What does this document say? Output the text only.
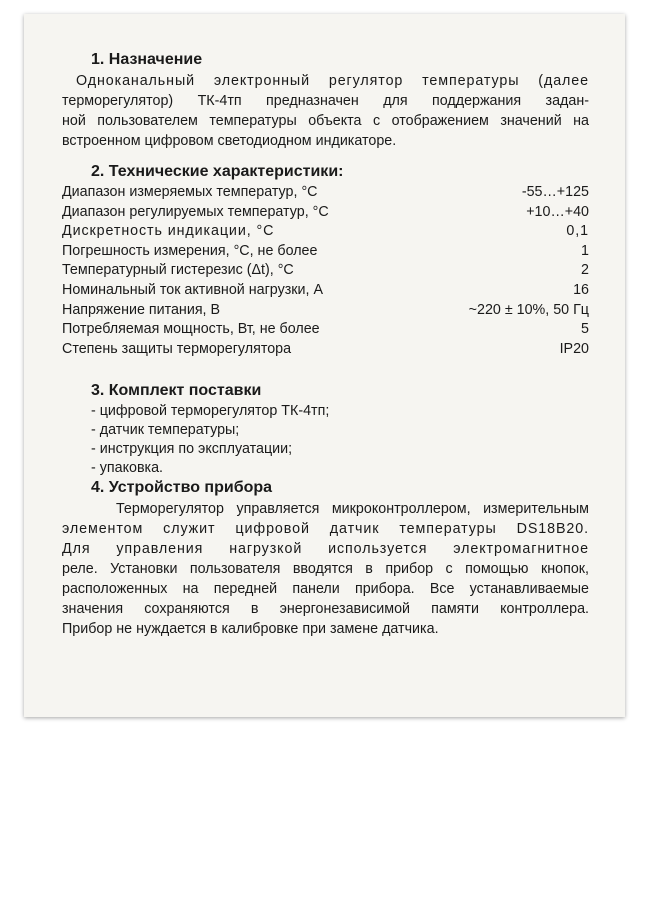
1. Назначение

Одноканальный электронный регулятор температуры (далее
терморегулятор) ТК-4тп предназначен для поддержания задан-
ной пользователем температуры объекта с отображением значений на
встроенном цифровом светодиодном индикаторе.

2. Технические характеристики:
Диапазон измеряемых температур, °С	-55…+125
Диапазон регулируемых температур, °С	+10…+40
Дискретность индикации, °С	0,1
Погрешность измерения, °С, не более	1
Температурный гистерезис (Δt), °С	2
Номинальный ток активной нагрузки, А	16
Напряжение питания, В	~220 ± 10%, 50 Гц
Потребляемая мощность, Вт, не более	5
Степень защиты терморегулятора	IP20
3. Комплект поставки
- цифровой терморегулятор ТК-4тп;
- датчик температуры;
- инструкция по эксплуатации;
- упаковка.
4. Устройство прибора

Терморегулятор управляется микроконтроллером, измерительным
элементом служит цифровой датчик температуры DS18B20.
Для управления нагрузкой используется электромагнитное
реле. Установки пользователя вводятся в прибор с помощью кнопок,
расположенных на передней панели прибора. Все устанавливаемые
значения сохраняются в энергонезависимой памяти контроллера.
Прибор не нуждается в калибровке при замене датчика.
